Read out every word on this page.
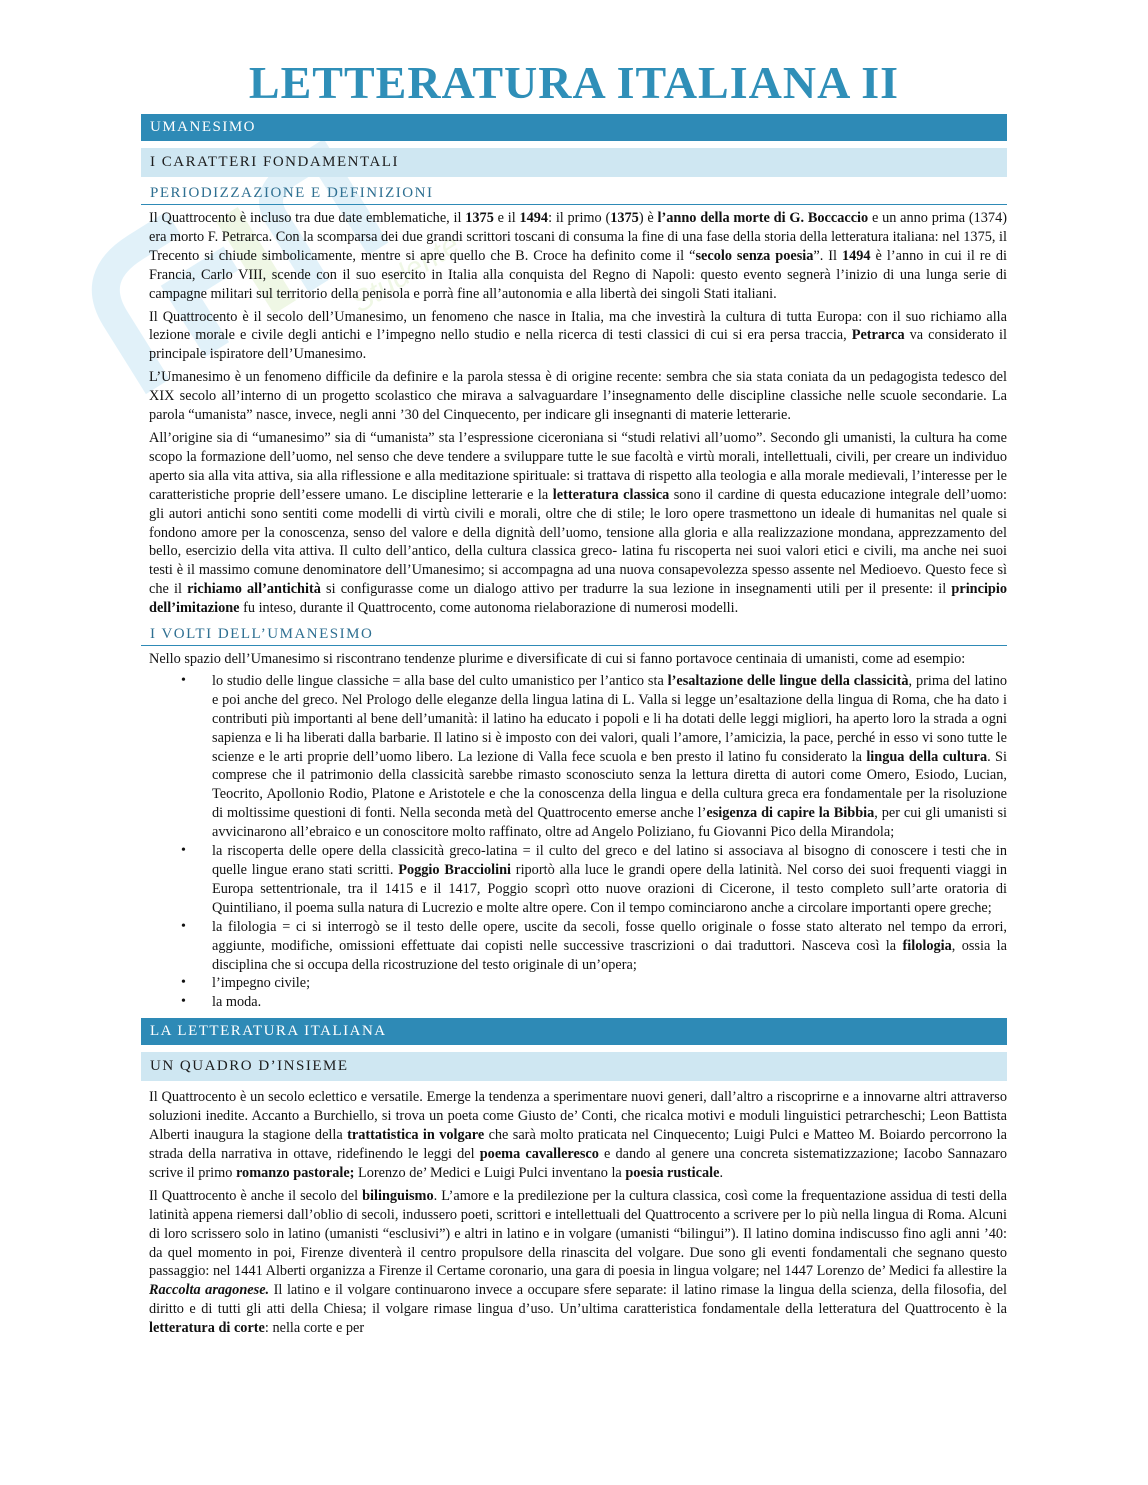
Studente
LETTERATURA ITALIANA II
UMANESIMO
I CARATTERI FONDAMENTALI
PERIODIZZAZIONE E DEFINIZIONI
Il Quattrocento è incluso tra due date emblematiche, il 1375 e il 1494: il primo (1375) è l’anno della morte di G. Boccaccio e un anno prima (1374) era morto F. Petrarca. Con la scomparsa dei due grandi scrittori toscani di consuma la fine di una fase della storia della letteratura italiana: nel 1375, il Trecento si chiude simbolicamente, mentre si apre quello che B. Croce ha definito come il “secolo senza poesia”. Il 1494 è l’anno in cui il re di Francia, Carlo VIII, scende con il suo esercito in Italia alla conquista del Regno di Napoli: questo evento segnerà l’inizio di una lunga serie di campagne militari sul territorio della penisola e porrà fine all’autonomia e alla libertà dei singoli Stati italiani.
Il Quattrocento è il secolo dell’Umanesimo, un fenomeno che nasce in Italia, ma che investirà la cultura di tutta Europa: con il suo richiamo alla lezione morale e civile degli antichi e l’impegno nello studio e nella ricerca di testi classici di cui si era persa traccia, Petrarca va considerato il principale ispiratore dell’Umanesimo.
L’Umanesimo è un fenomeno difficile da definire e la parola stessa è di origine recente: sembra che sia stata coniata da un pedagogista tedesco del XIX secolo all’interno di un progetto scolastico che mirava a salvaguardare l’insegnamento delle discipline classiche nelle scuole secondarie. La parola “umanista” nasce, invece, negli anni ’30 del Cinquecento, per indicare gli insegnanti di materie letterarie.
All’origine sia di “umanesimo” sia di “umanista” sta l’espressione ciceroniana si “studi relativi all’uomo”. Secondo gli umanisti, la cultura ha come scopo la formazione dell’uomo, nel senso che deve tendere a sviluppare tutte le sue facoltà e virtù morali, intellettuali, civili, per creare un individuo aperto sia alla vita attiva, sia alla riflessione e alla meditazione spirituale: si trattava di rispetto alla teologia e alla morale medievali, l’interesse per le caratteristiche proprie dell’essere umano. Le discipline letterarie e la letteratura classica sono il cardine di questa educazione integrale dell’uomo: gli autori antichi sono sentiti come modelli di virtù civili e morali, oltre che di stile; le loro opere trasmettono un ideale di humanitas nel quale si fondono amore per la conoscenza, senso del valore e della dignità dell’uomo, tensione alla gloria e alla realizzazione mondana, apprezzamento del bello, esercizio della vita attiva. Il culto dell’antico, della cultura classica greco- latina fu riscoperta nei suoi valori etici e civili, ma anche nei suoi testi è il massimo comune denominatore dell’Umanesimo; si accompagna ad una nuova consapevolezza spesso assente nel Medioevo. Questo fece sì che il richiamo all’antichità si configurasse come un dialogo attivo per tradurre la sua lezione in insegnamenti utili per il presente: il principio dell’imitazione fu inteso, durante il Quattrocento, come autonoma rielaborazione di numerosi modelli.
I VOLTI DELL’UMANESIMO
Nello spazio dell’Umanesimo si riscontrano tendenze plurime e diversificate di cui si fanno portavoce centinaia di umanisti, come ad esempio:
• lo studio delle lingue classiche = alla base del culto umanistico per l’antico sta l’esaltazione delle lingue della classicità, prima del latino e poi anche del greco. Nel Prologo delle eleganze della lingua latina di L. Valla si legge un’esaltazione della lingua di Roma, che ha dato i contributi più importanti al bene dell’umanità: il latino ha educato i popoli e li ha dotati delle leggi migliori, ha aperto loro la strada a ogni sapienza e li ha liberati dalla barbarie. Il latino si è imposto con dei valori, quali l’amore, l’amicizia, la pace, perché in esso vi sono tutte le scienze e le arti proprie dell’uomo libero. La lezione di Valla fece scuola e ben presto il latino fu considerato la lingua della cultura. Si comprese che il patrimonio della classicità sarebbe rimasto sconosciuto senza la lettura diretta di autori come Omero, Esiodo, Lucian, Teocrito, Apollonio Rodio, Platone e Aristotele e che la conoscenza della lingua e della cultura greca era fondamentale per la risoluzione di moltissime questioni di fonti. Nella seconda metà del Quattrocento emerse anche l’esigenza di capire la Bibbia, per cui gli umanisti si avvicinarono all’ebraico e un conoscitore molto raffinato, oltre ad Angelo Poliziano, fu Giovanni Pico della Mirandola;
• la riscoperta delle opere della classicità greco-latina = il culto del greco e del latino si associava al bisogno di conoscere i testi che in quelle lingue erano stati scritti. Poggio Bracciolini riportò alla luce le grandi opere della latinità. Nel corso dei suoi frequenti viaggi in Europa settentrionale, tra il 1415 e il 1417, Poggio scoprì otto nuove orazioni di Cicerone, il testo completo sull’arte oratoria di Quintiliano, il poema sulla natura di Lucrezio e molte altre opere. Con il tempo cominciarono anche a circolare importanti opere greche;
• la filologia = ci si interrogò se il testo delle opere, uscite da secoli, fosse quello originale o fosse stato alterato nel tempo da errori, aggiunte, modifiche, omissioni effettuate dai copisti nelle successive trascrizioni o dai traduttori. Nasceva così la filologia, ossia la disciplina che si occupa della ricostruzione del testo originale di un’opera;
• l’impegno civile;
• la moda.
LA LETTERATURA ITALIANA
UN QUADRO D’INSIEME
Il Quattrocento è un secolo eclettico e versatile. Emerge la tendenza a sperimentare nuovi generi, dall’altro a riscoprirne e a innovarne altri attraverso soluzioni inedite. Accanto a Burchiello, si trova un poeta come Giusto de’ Conti, che ricalca motivi e moduli linguistici petrarcheschi; Leon Battista Alberti inaugura la stagione della trattatistica in volgare che sarà molto praticata nel Cinquecento; Luigi Pulci e Matteo M. Boiardo percorrono la strada della narrativa in ottave, ridefinendo le leggi del poema cavalleresco e dando al genere una concreta sistematizzazione; Iacobo Sannazaro scrive il primo romanzo pastorale; Lorenzo de’ Medici e Luigi Pulci inventano la poesia rusticale.
Il Quattrocento è anche il secolo del bilinguismo. L’amore e la predilezione per la cultura classica, così come la frequentazione assidua di testi della latinità appena riemersi dall’oblio di secoli, indussero poeti, scrittori e intellettuali del Quattrocento a scrivere per lo più nella lingua di Roma. Alcuni di loro scrissero solo in latino (umanisti “esclusivi”) e altri in latino e in volgare (umanisti “bilingui”). Il latino domina indiscusso fino agli anni ’40: da quel momento in poi, Firenze diventerà il centro propulsore della rinascita del volgare. Due sono gli eventi fondamentali che segnano questo passaggio: nel 1441 Alberti organizza a Firenze il Certame coronario, una gara di poesia in lingua volgare; nel 1447 Lorenzo de’ Medici fa allestire la Raccolta aragonese. Il latino e il volgare continuarono invece a occupare sfere separate: il latino rimase la lingua della scienza, della filosofia, del diritto e di tutti gli atti della Chiesa; il volgare rimase lingua d’uso. Un’ultima caratteristica fondamentale della letteratura del Quattrocento è la letteratura di corte: nella corte e per
